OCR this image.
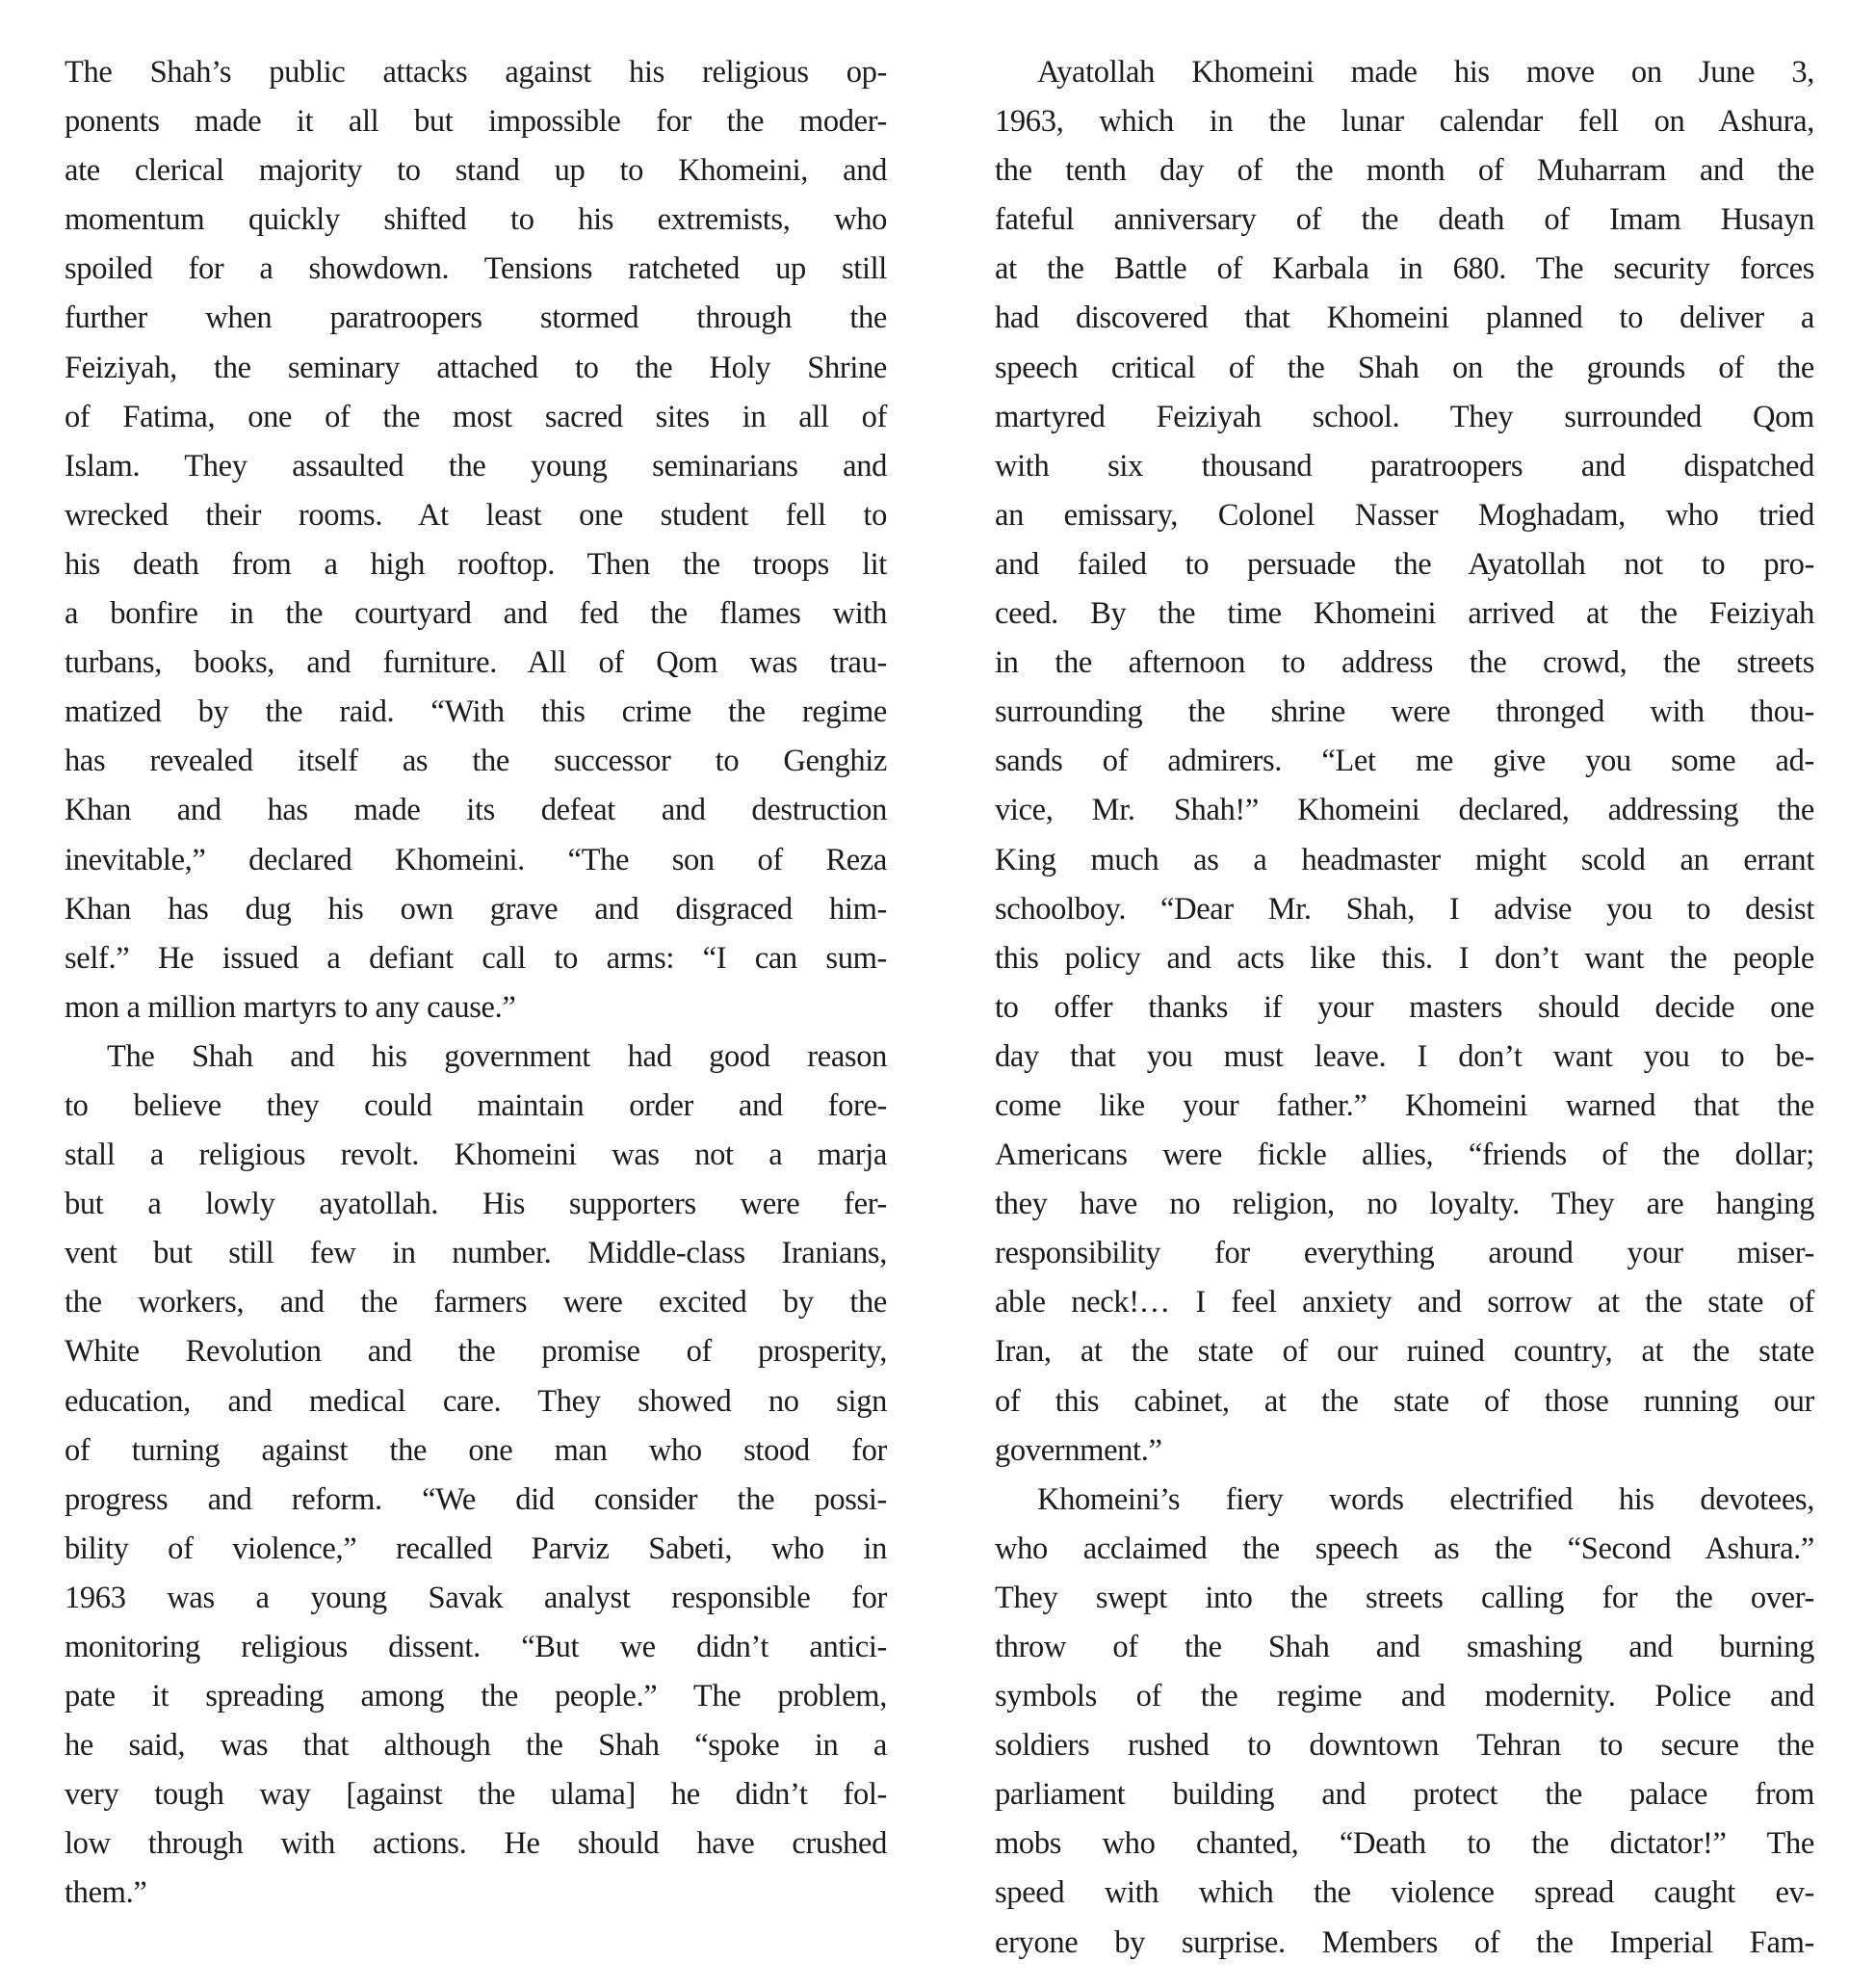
The Shah’s public attacks against his religious op-
ponents made it all but impossible for the moder-
ate clerical majority to stand up to Khomeini, and
momentum quickly shifted to his extremists, who
spoiled for a showdown. Tensions ratcheted up still
further when paratroopers stormed through the
Feiziyah, the seminary attached to the Holy Shrine
of Fatima, one of the most sacred sites in all of
Islam. They assaulted the young seminarians and
wrecked their rooms. At least one student fell to
his death from a high rooftop. Then the troops lit
a bonfire in the courtyard and fed the flames with
turbans, books, and furniture. All of Qom was trau-
matized by the raid. “With this crime the regime
has revealed itself as the successor to Genghiz
Khan and has made its defeat and destruction
inevitable,” declared Khomeini. “The son of Reza
Khan has dug his own grave and disgraced him-
self.” He issued a defiant call to arms: “I can sum-
mon a million martyrs to any cause.”
The Shah and his government had good reason
to believe they could maintain order and fore-
stall a religious revolt. Khomeini was not a marja
but a lowly ayatollah. His supporters were fer-
vent but still few in number. Middle-class Iranians,
the workers, and the farmers were excited by the
White Revolution and the promise of prosperity,
education, and medical care. They showed no sign
of turning against the one man who stood for
progress and reform. “We did consider the possi-
bility of violence,” recalled Parviz Sabeti, who in
1963 was a young Savak analyst responsible for
monitoring religious dissent. “But we didn’t antici-
pate it spreading among the people.” The problem,
he said, was that although the Shah “spoke in a
very tough way [against the ulama] he didn’t fol-
low through with actions. He should have crushed
them.”
Ayatollah Khomeini made his move on June 3,
1963, which in the lunar calendar fell on Ashura,
the tenth day of the month of Muharram and the
fateful anniversary of the death of Imam Husayn
at the Battle of Karbala in 680. The security forces
had discovered that Khomeini planned to deliver a
speech critical of the Shah on the grounds of the
martyred Feiziyah school. They surrounded Qom
with six thousand paratroopers and dispatched
an emissary, Colonel Nasser Moghadam, who tried
and failed to persuade the Ayatollah not to pro-
ceed. By the time Khomeini arrived at the Feiziyah
in the afternoon to address the crowd, the streets
surrounding the shrine were thronged with thou-
sands of admirers. “Let me give you some ad-
vice, Mr. Shah!” Khomeini declared, addressing the
King much as a headmaster might scold an errant
schoolboy. “Dear Mr. Shah, I advise you to desist
this policy and acts like this. I don’t want the people
to offer thanks if your masters should decide one
day that you must leave. I don’t want you to be-
come like your father.” Khomeini warned that the
Americans were fickle allies, “friends of the dollar;
they have no religion, no loyalty. They are hanging
responsibility for everything around your miser-
able neck!… I feel anxiety and sorrow at the state of
Iran, at the state of our ruined country, at the state
of this cabinet, at the state of those running our
government.”
Khomeini’s fiery words electrified his devotees,
who acclaimed the speech as the “Second Ashura.”
They swept into the streets calling for the over-
throw of the Shah and smashing and burning
symbols of the regime and modernity. Police and
soldiers rushed to downtown Tehran to secure the
parliament building and protect the palace from
mobs who chanted, “Death to the dictator!” The
speed with which the violence spread caught ev-
eryone by surprise. Members of the Imperial Fam-
